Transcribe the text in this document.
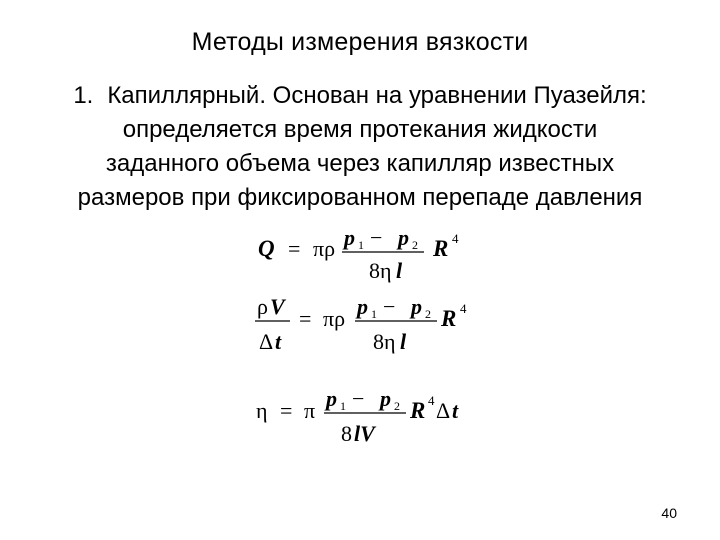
Методы измерения вязкости
1. Капиллярный. Основан на уравнении Пуазейля:
определяется время протекания жидкости
заданного объема через капилляр известных
размеров при фиксированном перепаде давления
Q = πρ p 1 − p 2
8η l
R 4
ρ V
Δ t
= πρ p 1 − p 2
8η l
R 4
η = π p 1 − p 2
8 lV
R 4 Δ t
40
